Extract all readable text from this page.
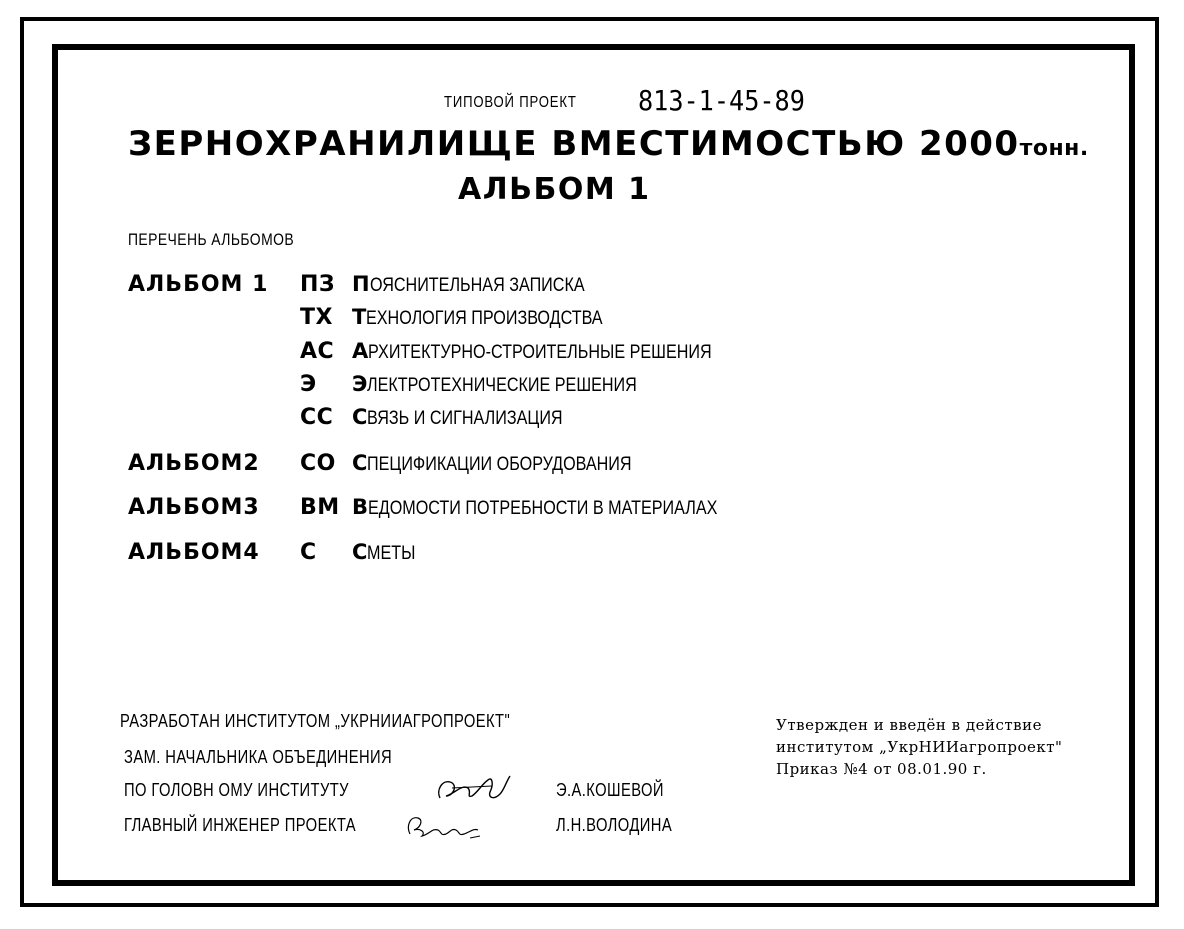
ТИПОВОЙ ПРОЕКТ 813-1-45-89
ЗЕРНОХРАНИЛИЩЕ ВМЕСТИМОСТЬЮ 2000тонн.
АЛЬБОМ 1
ПЕРЕЧЕНЬ АЛЬБОМОВ
АЛЬБОМ 1 ПЗ ПОЯСНИТЕЛЬНАЯ ЗАПИСКА
ТХ ТЕХНОЛОГИЯ ПРОИЗВОДСТВА
АС АРХИТЕКТУРНО-СТРОИТЕЛЬНЫЕ РЕШЕНИЯ
Э ЭЛЕКТРОТЕХНИЧЕСКИЕ РЕШЕНИЯ
СС СВЯЗЬ И СИГНАЛИЗАЦИЯ
АЛЬБОМ2 СО СПЕЦИФИКАЦИИ ОБОРУДОВАНИЯ
АЛЬБОМ3 ВМ ВЕДОМОСТИ ПОТРЕБНОСТИ В МАТЕРИАЛАХ
АЛЬБОМ4 С СМЕТЫ
РАЗРАБОТАН ИНСТИТУТОМ „УКРНИИАГРОПРОЕКТ"
ЗАМ. НАЧАЛЬНИКА ОБЪЕДИНЕНИЯ
ПО ГОЛОВН ОМУ ИНСТИТУТУ	Э.А.КОШЕВОЙ
ГЛАВНЫЙ ИНЖЕНЕР ПРОЕКТА	Л.Н.ВОЛОДИНА
Утвержден и введён в действие
институтом „УкрНИИагропроект"
Приказ №4 от 08.01.90 г.
